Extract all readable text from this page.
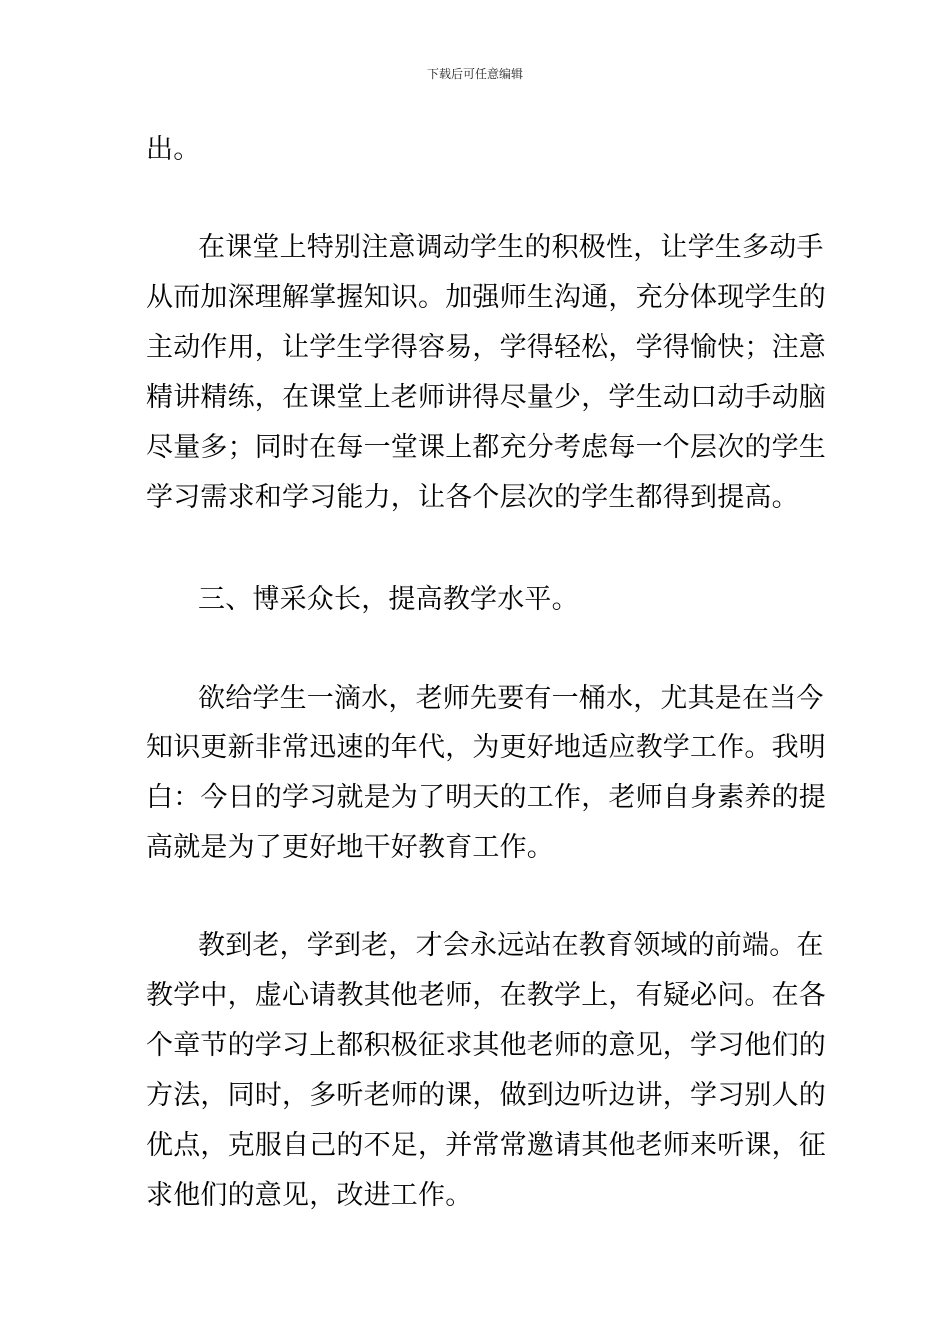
下载后可任意编辑
出。
在课堂上特别注意调动学生的积极性，让学生多动手
从而加深理解掌握知识。加强师生沟通，充分体现学生的
主动作用，让学生学得容易，学得轻松，学得愉快；注意
精讲精练，在课堂上老师讲得尽量少，学生动口动手动脑
尽量多；同时在每一堂课上都充分考虑每一个层次的学生
学习需求和学习能力，让各个层次的学生都得到提高。
三、博采众长，提高教学水平。
欲给学生一滴水，老师先要有一桶水，尤其是在当今
知识更新非常迅速的年代，为更好地适应教学工作。我明
白：今日的学习就是为了明天的工作，老师自身素养的提
高就是为了更好地干好教育工作。
教到老，学到老，才会永远站在教育领域的前端。在
教学中，虚心请教其他老师，在教学上，有疑必问。在各
个章节的学习上都积极征求其他老师的意见，学习他们的
方法，同时，多听老师的课，做到边听边讲，学习别人的
优点，克服自己的不足，并常常邀请其他老师来听课，征
求他们的意见，改进工作。
